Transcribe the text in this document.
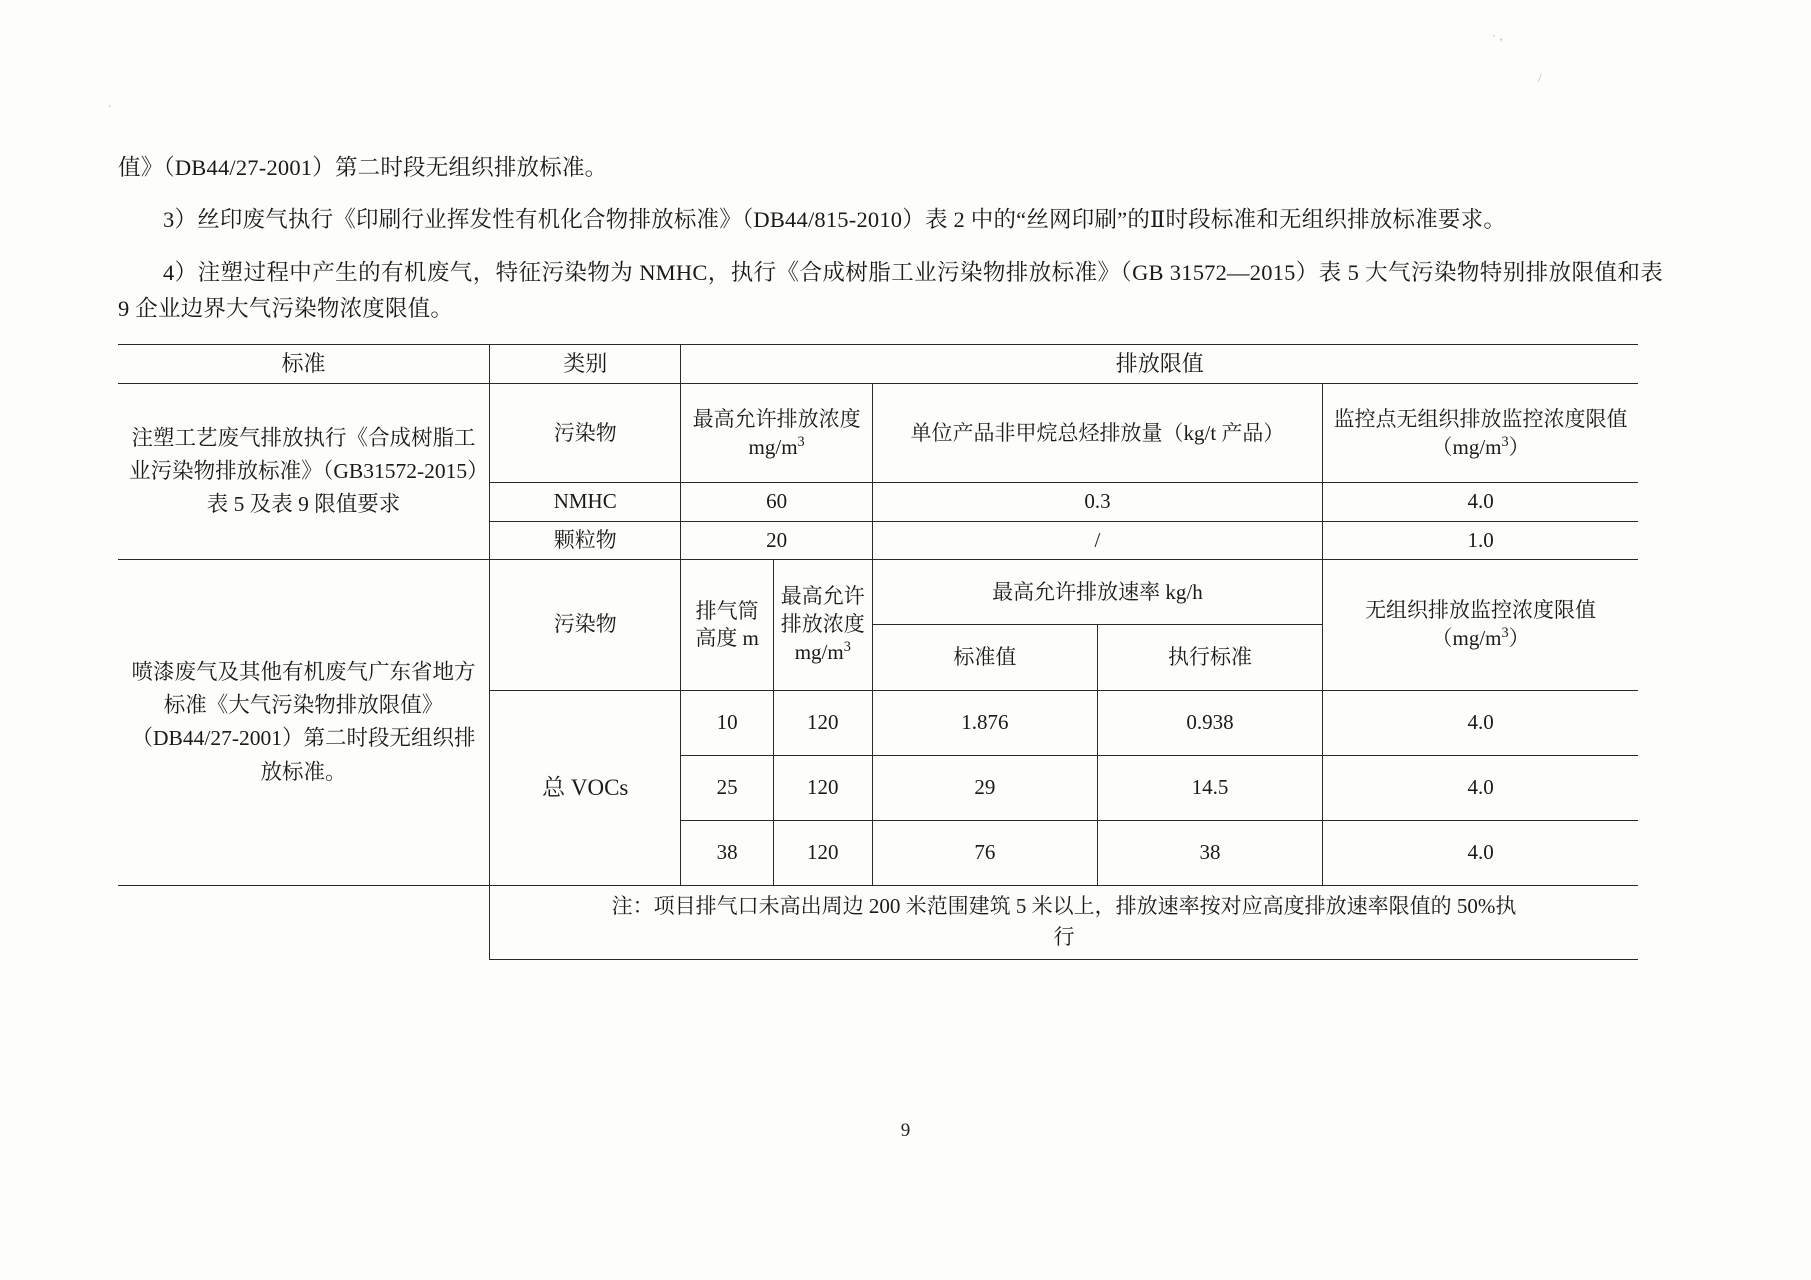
· ,
/
.

值》（DB44/27-2001）第二时段无组织排放标准。

3）丝印废气执行《印刷行业挥发性有机化合物排放标准》（DB44/815-2010）表 2 中的“丝网印刷”的Ⅱ时段标准和无组织排放标准要求。

4）注塑过程中产生的有机废气，特征污染物为 NMHC，执行《合成树脂工业污染物排放标准》（GB 31572—2015）表 5 大气污染物特别排放限值和表 9 企业边界大气污染物浓度限值。

标准	类别	排放限值				
注塑工艺废气排放执行《合成树脂工业污染物排放标准》（GB31572-2015）表 5 及表 9 限值要求	污染物	最高允许排放浓度 $mg/m^3$		单位产品非甲烷总烃排放量（kg/t 产品）		监控点无组织排放监控浓度限值$(mg/m^3)$
	NMHC	60		0.3		4.0
	颗粒物	20		/		1.0
喷漆废气及其他有机废气广东省地方标准《大气污染物排放限值》（DB44/27-2001）第二时段无组织排放标准。	污染物	排气筒高度 m	最高允许排放浓度 $mg/m^3$	最高允许排放速率 kg/h		无组织排放监控浓度限值$(mg/m^3)$
				标准值	执行标准	
	总 VOCs	10	120	1.876	0.938	4.0
		25	120	29	14.5	4.0
		38	120	76	38	4.0
	注：项目排气口未高出周边 200 米范围建筑 5 米以上，排放速率按对应高度排放速率限值的 50%执
行					
9
